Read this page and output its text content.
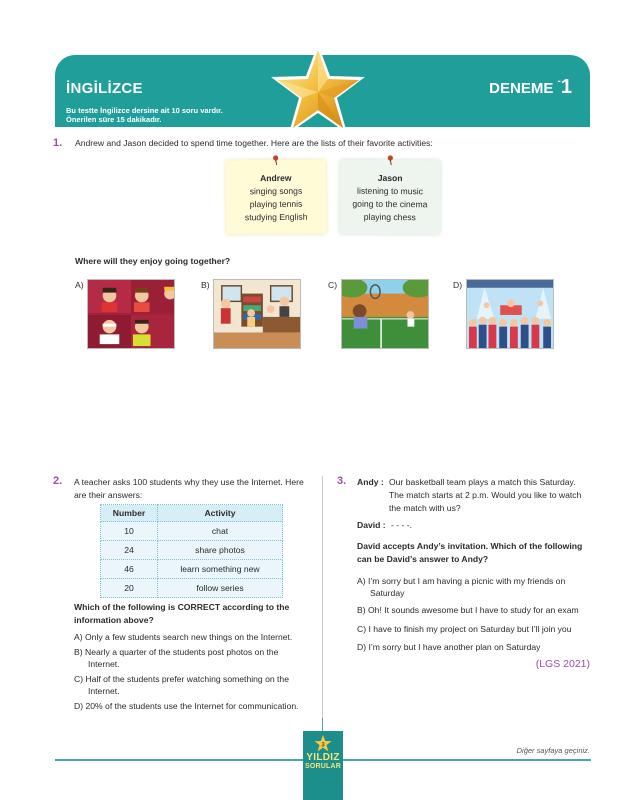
İNGİLİZCE
Bu testte İngilizce dersine ait 10 soru vardır.
Önerilen süre 15 dakikadır.
DENEME -1
1. Andrew and Jason decided to spend time together. Here are the lists of their favorite activities:
Andrew
singing songs
playing tennis
studying English
Jason
listening to music
going to the cinema
playing chess
Where will they enjoy going together?
A)	B)	C)	D)
2. A teacher asks 100 students why they use the Internet. Here
are their answers:
Number	Activity
10	chat
24	share photos
46	learn something new
20	follow series
Which of the following is CORRECT according to the
information above?
A) Only a few students search new things on the Internet.
B) Nearly a quarter of the students post photos on the
Internet.
C) Half of the students prefer watching something on the
Internet.
D) 20% of the students use the Internet for communication.
3. Andy : Our basketball team plays a match this Saturday.
The match starts at 2 p.m. Would you like to watch
the match with us?
David : - - - -.
David accepts Andy’s invitation. Which of the following
can be David’s answer to Andy?
A) I’m sorry but I am having a picnic with my friends on
Saturday
B) Oh! It sounds awesome but I have to study for an exam
C) I have to finish my project on Saturday but I’ll join you
D) I’m sorry but I have another plan on Saturday
(LGS 2021)
Diğer sayfaya geçiniz.
3
YILDIZ
SORULAR
